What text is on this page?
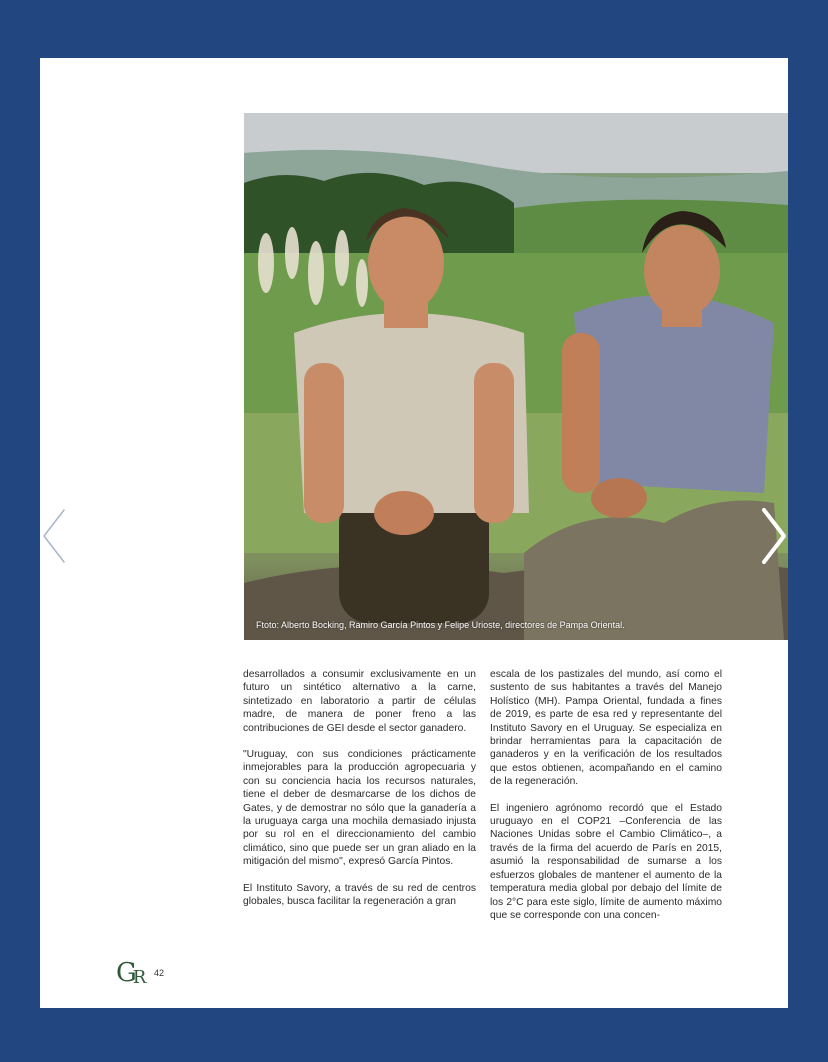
Ftoto: Alberto Bocking, Ramiro García Pintos y Felipe Urioste, directores de Pampa Oriental.

desarrollados a consumir exclusivamente en un futuro un sintético alternativo a la carne, sintetizado en laboratorio a partir de células madre, de manera de poner freno a las contribuciones de GEI desde el sector ganadero.

"Uruguay, con sus condiciones prácticamente inmejorables para la producción agropecuaria y con su conciencia hacia los recursos naturales, tiene el deber de desmarcarse de los dichos de Gates, y de demostrar no sólo que la ganadería a la uruguaya carga una mochila demasiado injusta por su rol en el direccionamiento del cambio climático, sino que puede ser un gran aliado en la mitigación del mismo", expresó García Pintos.

El Instituto Savory, a través de su red de centros globales, busca facilitar la regeneración a gran

escala de los pastizales del mundo, así como el sustento de sus habitantes a través del Manejo Holístico (MH). Pampa Oriental, fundada a fines de 2019, es parte de esa red y representante del Instituto Savory en el Uruguay. Se especializa en brindar herramientas para la capacitación de ganaderos y en la verificación de los resultados que estos obtienen, acompañando en el camino de la regeneración.

El ingeniero agrónomo recordó que el Estado uruguayo en el COP21 –Conferencia de las Naciones Unidas sobre el Cambio Climático–, a través de la firma del acuerdo de París en 2015, asumió la responsabilidad de sumarse a los esfuerzos globales de mantener el aumento de la temperatura media global por debajo del límite de los 2°C para este siglo, límite de aumento máximo que se corresponde con una concen-

GR 42
